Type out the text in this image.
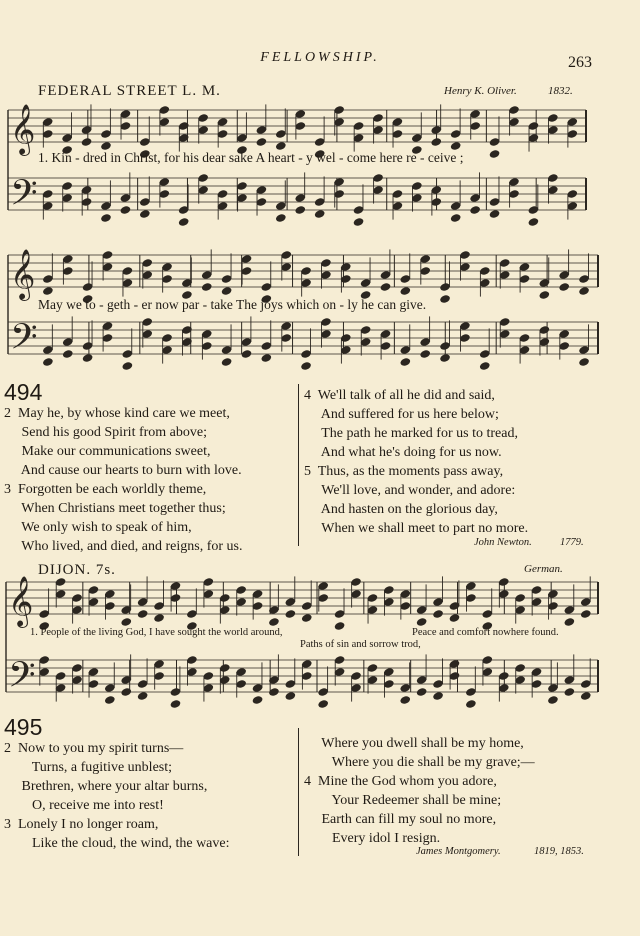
𝄞
𝄢
𝄞
𝄢
𝄞
𝄢
FELLOWSHIP.	263
FEDERAL STREET L. M.	Henry K. Oliver.	1832.
1. Kin - dred in Christ, for his dear sake A heart - y wel - come here re - ceive ;
May we to - geth - er now par - take The joys which on - ly he can give.
494
2  May he, by whose kind care we meet,
Send his good Spirit from above;
Make our communications sweet,
And cause our hearts to burn with love.
3  Forgotten be each worldly theme,
When Christians meet together thus;
We only wish to speak of him,
Who lived, and died, and reigns, for us.
4  We'll talk of all he did and said,
And suffered for us here below;
The path he marked for us to tread,
And what he's doing for us now.
5  Thus, as the moments pass away,
We'll love, and wonder, and adore:
And hasten on the glorious day,
When we shall meet to part no more.
John Newton.	1779.
DIJON. 7s.	German.
1. People of the living God, I have sought the world around,	Peace and comfort nowhere found.
Paths of sin and sorrow trod,
495
2  Now to you my spirit turns—
Turns, a fugitive unblest;
Brethren, where your altar burns,
O, receive me into rest!
3  Lonely I no longer roam,
Like the cloud, the wind, the wave:
Where you dwell shall be my home,
Where you die shall be my grave;—
4  Mine the God whom you adore,
Your Redeemer shall be mine;
Earth can fill my soul no more,
Every idol I resign.
James Montgomery.	1819, 1853.
